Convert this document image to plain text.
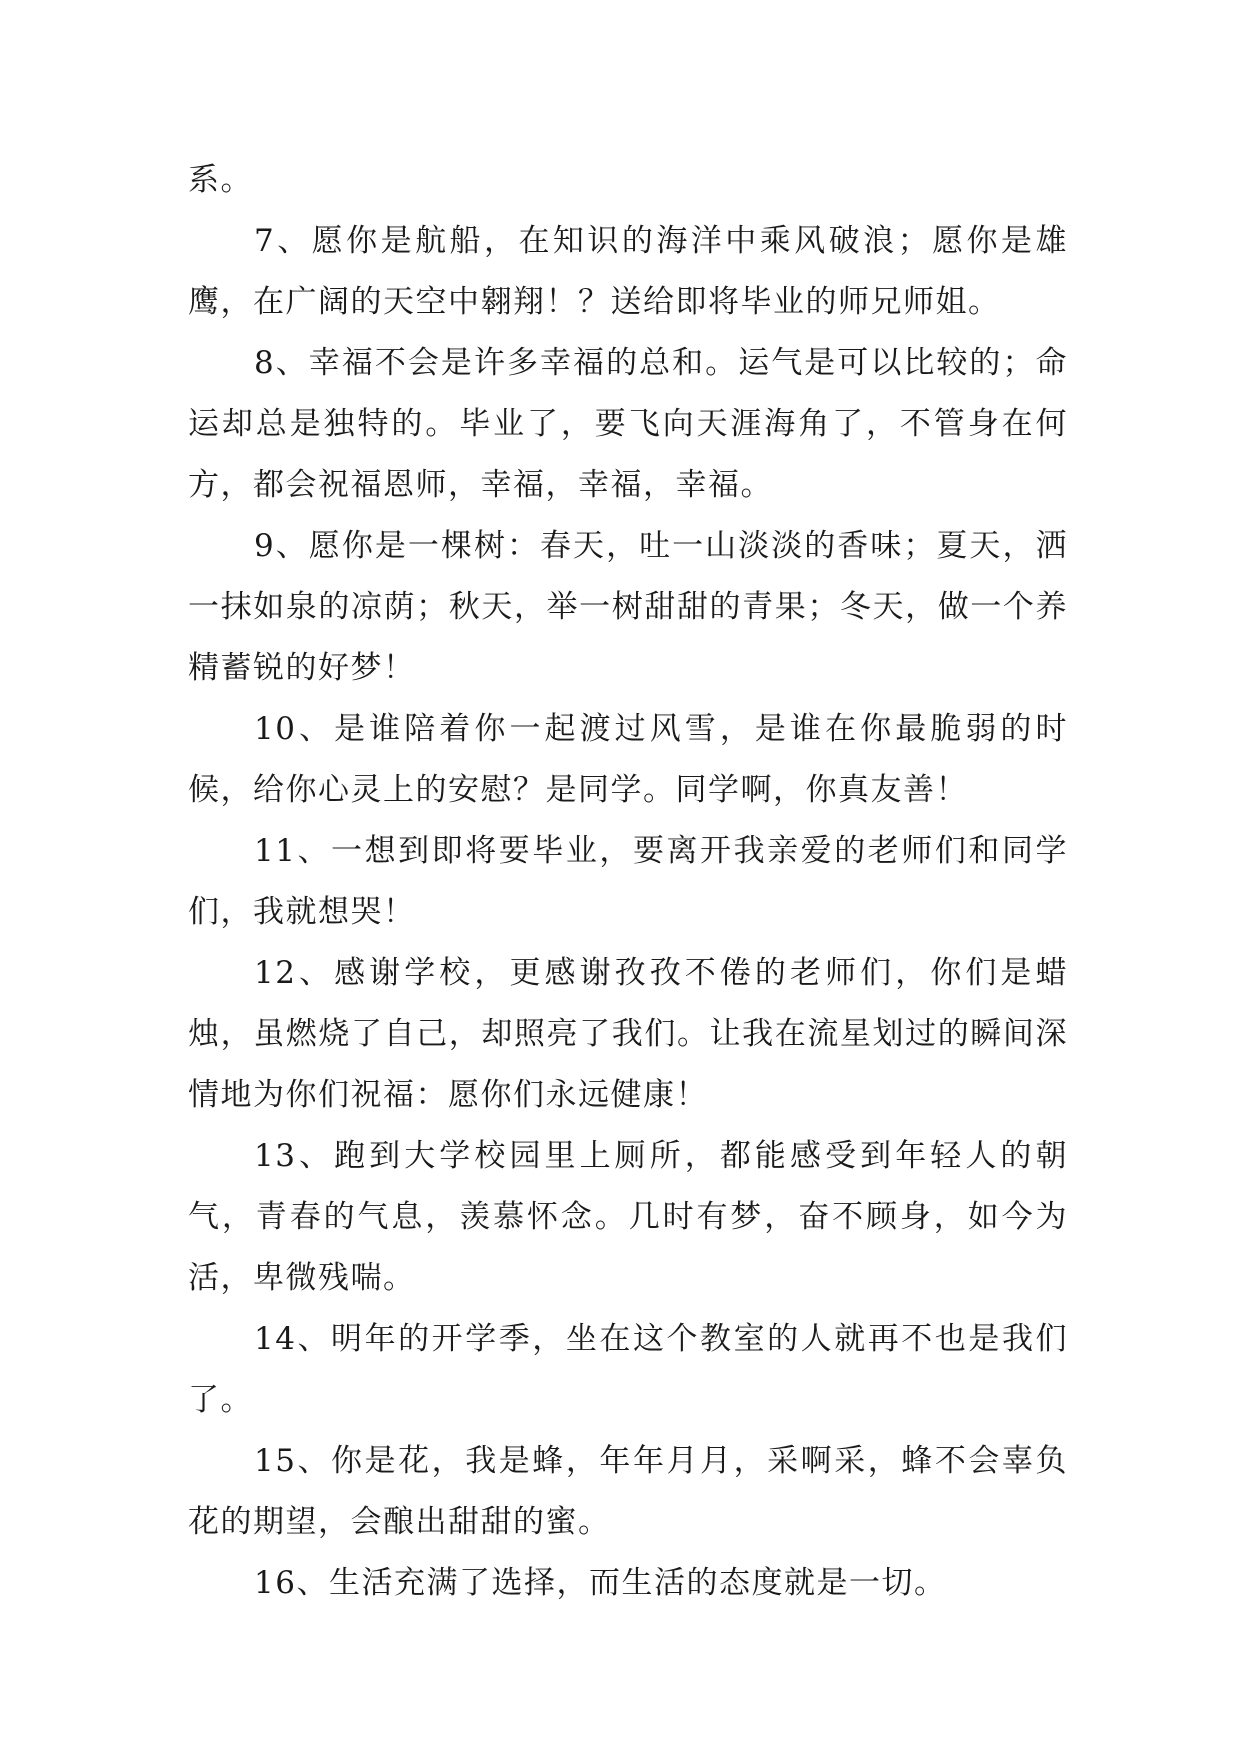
系。

7、愿你是航船，在知识的海洋中乘风破浪；愿你是雄鹰，在广阔的天空中翱翔！？送给即将毕业的师兄师姐。

8、幸福不会是许多幸福的总和。运气是可以比较的；命运却总是独特的。毕业了，要飞向天涯海角了，不管身在何方，都会祝福恩师，幸福，幸福，幸福。

9、愿你是一棵树：春天，吐一山淡淡的香味；夏天，洒一抹如泉的凉荫；秋天，举一树甜甜的青果；冬天，做一个养精蓄锐的好梦！

10、是谁陪着你一起渡过风雪，是谁在你最脆弱的时候，给你心灵上的安慰？是同学。同学啊，你真友善！

11、一想到即将要毕业，要离开我亲爱的老师们和同学们，我就想哭！

12、感谢学校，更感谢孜孜不倦的老师们，你们是蜡烛，虽燃烧了自己，却照亮了我们。让我在流星划过的瞬间深情地为你们祝福：愿你们永远健康！

13、跑到大学校园里上厕所，都能感受到年轻人的朝气，青春的气息，羡慕怀念。几时有梦，奋不顾身，如今为活，卑微残喘。

14、明年的开学季，坐在这个教室的人就再不也是我们了。

15、你是花，我是蜂，年年月月，采啊采，蜂不会辜负花的期望，会酿出甜甜的蜜。

16、生活充满了选择，而生活的态度就是一切。
